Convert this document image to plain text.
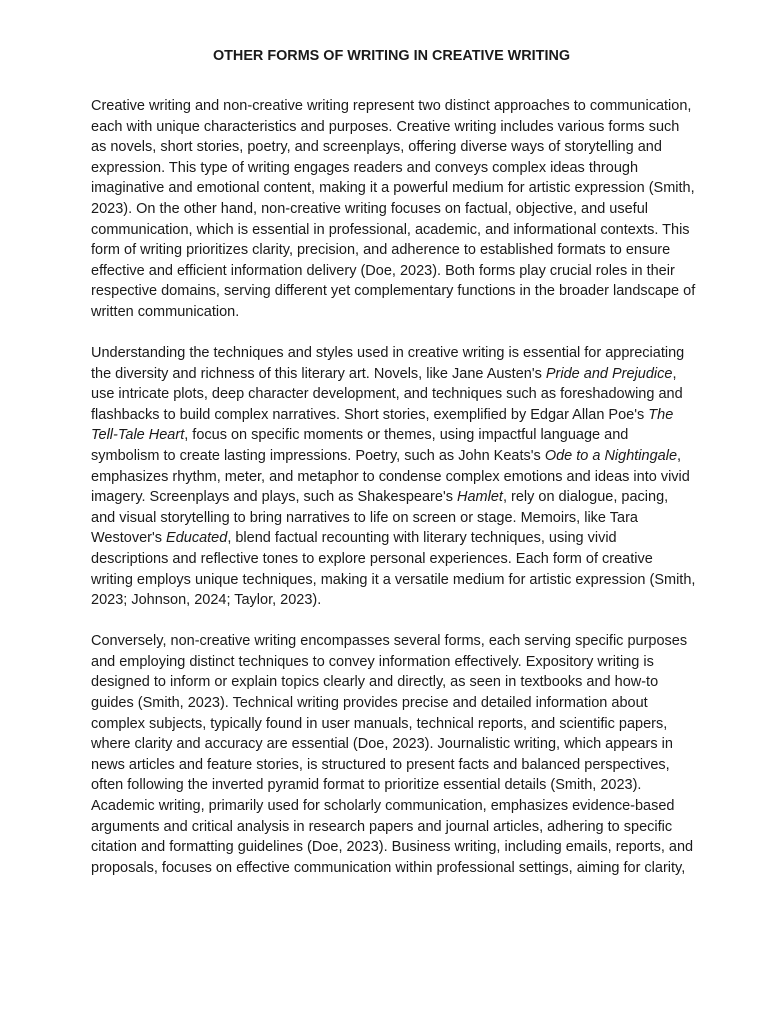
OTHER FORMS OF WRITING IN CREATIVE WRITING

Creative writing and non-creative writing represent two distinct approaches to communication, each with unique characteristics and purposes. Creative writing includes various forms such as novels, short stories, poetry, and screenplays, offering diverse ways of storytelling and expression. This type of writing engages readers and conveys complex ideas through imaginative and emotional content, making it a powerful medium for artistic expression (Smith, 2023). On the other hand, non-creative writing focuses on factual, objective, and useful communication, which is essential in professional, academic, and informational contexts. This form of writing prioritizes clarity, precision, and adherence to established formats to ensure effective and efficient information delivery (Doe, 2023). Both forms play crucial roles in their respective domains, serving different yet complementary functions in the broader landscape of written communication.

Understanding the techniques and styles used in creative writing is essential for appreciating the diversity and richness of this literary art. Novels, like Jane Austen's Pride and Prejudice, use intricate plots, deep character development, and techniques such as foreshadowing and flashbacks to build complex narratives. Short stories, exemplified by Edgar Allan Poe's The Tell-Tale Heart, focus on specific moments or themes, using impactful language and symbolism to create lasting impressions. Poetry, such as John Keats's Ode to a Nightingale, emphasizes rhythm, meter, and metaphor to condense complex emotions and ideas into vivid imagery. Screenplays and plays, such as Shakespeare's Hamlet, rely on dialogue, pacing, and visual storytelling to bring narratives to life on screen or stage. Memoirs, like Tara Westover's Educated, blend factual recounting with literary techniques, using vivid descriptions and reflective tones to explore personal experiences. Each form of creative writing employs unique techniques, making it a versatile medium for artistic expression (Smith, 2023; Johnson, 2024; Taylor, 2023).

Conversely, non-creative writing encompasses several forms, each serving specific purposes and employing distinct techniques to convey information effectively. Expository writing is designed to inform or explain topics clearly and directly, as seen in textbooks and how-to guides (Smith, 2023). Technical writing provides precise and detailed information about complex subjects, typically found in user manuals, technical reports, and scientific papers, where clarity and accuracy are essential (Doe, 2023). Journalistic writing, which appears in news articles and feature stories, is structured to present facts and balanced perspectives, often following the inverted pyramid format to prioritize essential details (Smith, 2023). Academic writing, primarily used for scholarly communication, emphasizes evidence-based arguments and critical analysis in research papers and journal articles, adhering to specific citation and formatting guidelines (Doe, 2023). Business writing, including emails, reports, and proposals, focuses on effective communication within professional settings, aiming for clarity,
